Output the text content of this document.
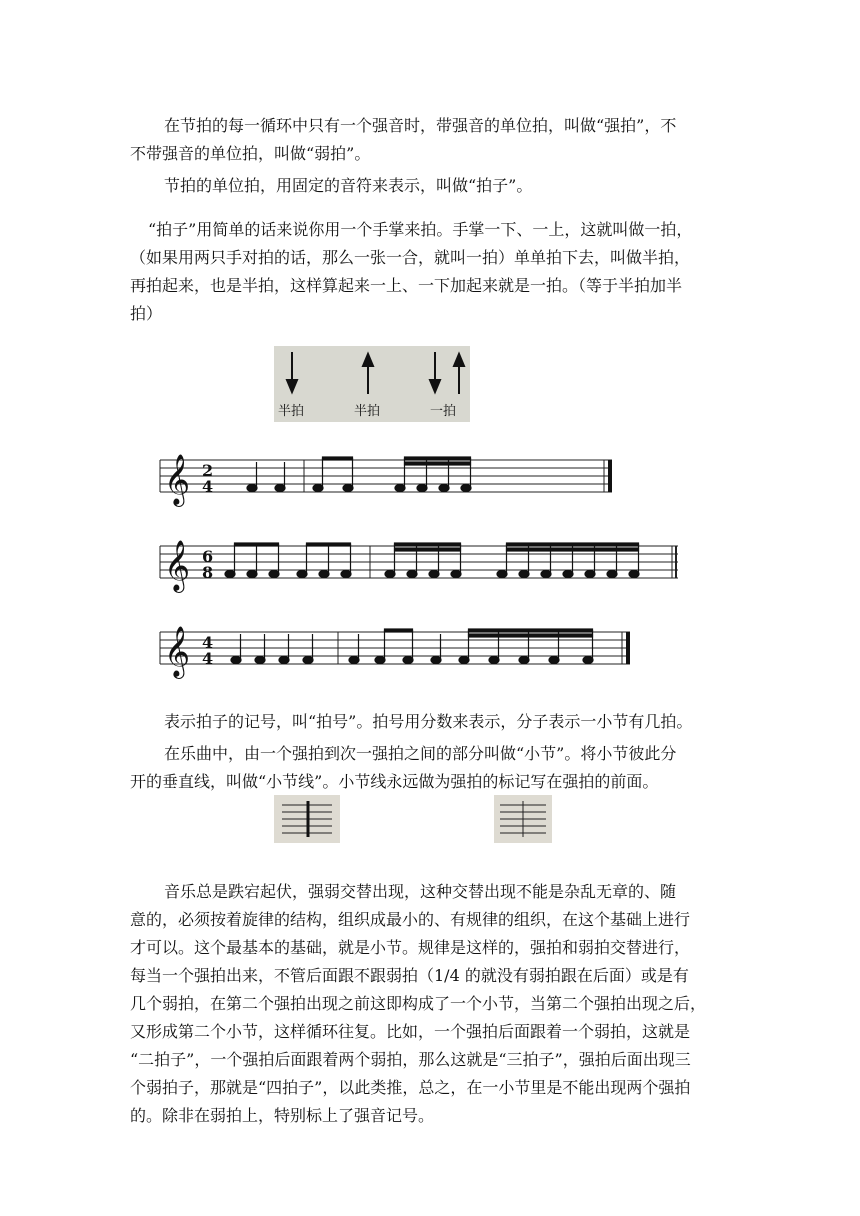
在节拍的每一循环中只有一个强音时，带强音的单位拍，叫做“强拍”，不

不带强音的单位拍，叫做“弱拍”。

节拍的单位拍，用固定的音符来表示，叫做“拍子”。

“拍子”用简单的话来说你用一个手掌来拍。手掌一下、一上，这就叫做一拍，

（如果用两只手对拍的话，那么一张一合，就叫一拍）单单拍下去，叫做半拍，

再拍起来，也是半拍，这样算起来一上、一下加起来就是一拍。（等于半拍加半

拍）

半拍	半拍	一拍
𝄞 2
4
𝄞 6
8
𝄞 4
4

表示拍子的记号，叫“拍号”。拍号用分数来表示，分子表示一小节有几拍。

在乐曲中，由一个强拍到次一强拍之间的部分叫做“小节”。将小节彼此分

开的垂直线，叫做“小节线”。小节线永远做为强拍的标记写在强拍的前面。

音乐总是跌宕起伏，强弱交替出现，这种交替出现不能是杂乱无章的、随

意的，必须按着旋律的结构，组织成最小的、有规律的组织，在这个基础上进行

才可以。这个最基本的基础，就是小节。规律是这样的，强拍和弱拍交替进行，

每当一个强拍出来，不管后面跟不跟弱拍（1/4 的就没有弱拍跟在后面）或是有

几个弱拍，在第二个强拍出现之前这即构成了一个小节，当第二个强拍出现之后，

又形成第二个小节，这样循环往复。比如，一个强拍后面跟着一个弱拍，这就是

“二拍子”，一个强拍后面跟着两个弱拍，那么这就是“三拍子”，强拍后面出现三

个弱拍子，那就是“四拍子”，以此类推，总之，在一小节里是不能出现两个强拍

的。除非在弱拍上，特别标上了强音记号。
